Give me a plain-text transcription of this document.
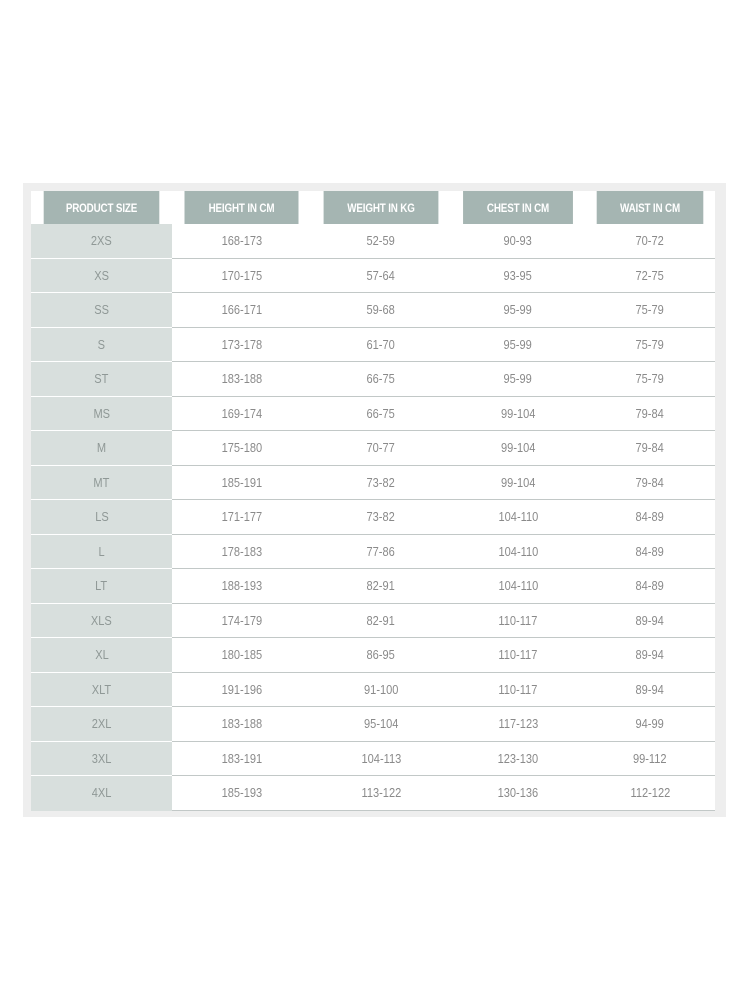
PRODUCT SIZE	HEIGHT IN CM	WEIGHT IN KG	CHEST IN CM	WAIST IN CM
2XS	168-173	52-59	90-93	70-72
XS	170-175	57-64	93-95	72-75
SS	166-171	59-68	95-99	75-79
S	173-178	61-70	95-99	75-79
ST	183-188	66-75	95-99	75-79
MS	169-174	66-75	99-104	79-84
M	175-180	70-77	99-104	79-84
MT	185-191	73-82	99-104	79-84
LS	171-177	73-82	104-110	84-89
L	178-183	77-86	104-110	84-89
LT	188-193	82-91	104-110	84-89
XLS	174-179	82-91	110-117	89-94
XL	180-185	86-95	110-117	89-94
XLT	191-196	91-100	110-117	89-94
2XL	183-188	95-104	117-123	94-99
3XL	183-191	104-113	123-130	99-112
4XL	185-193	113-122	130-136	112-122
